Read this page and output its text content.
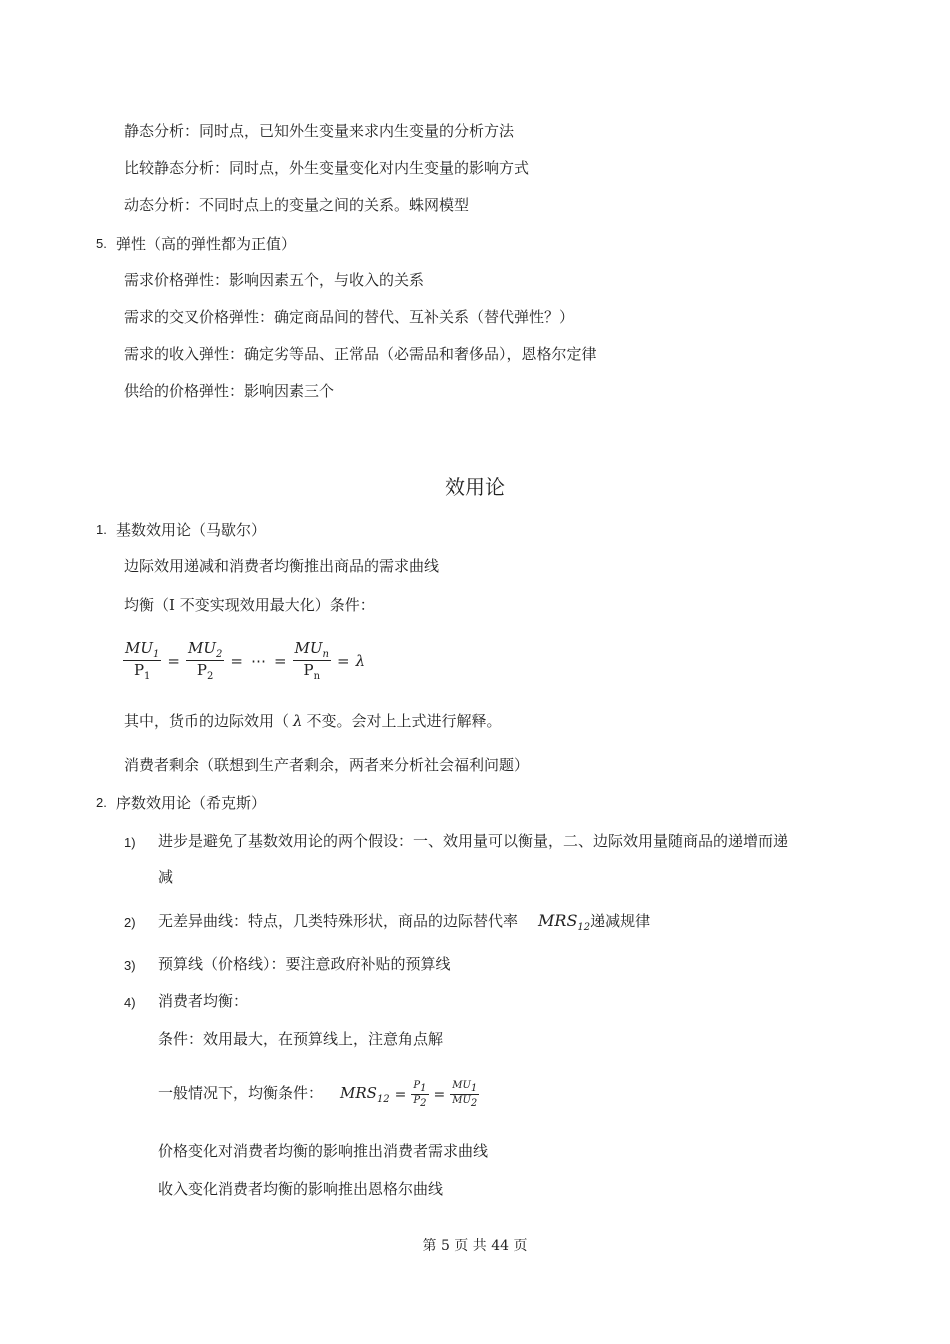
静态分析：同时点，已知外生变量来求内生变量的分析方法
比较静态分析：同时点，外生变量变化对内生变量的影响方式
动态分析：不同时点上的变量之间的关系。蛛网模型
5. 弹性（高的弹性都为正值）
需求价格弹性：影响因素五个，与收入的关系
需求的交叉价格弹性：确定商品间的替代、互补关系（替代弹性？）
需求的收入弹性：确定劣等品、正常品（必需品和奢侈品），恩格尔定律
供给的价格弹性：影响因素三个
效用论
1. 基数效用论（马歇尔）
边际效用递减和消费者均衡推出商品的需求曲线
均衡（I 不变实现效用最大化）条件：
$\frac{MU_1}{P_1} = \frac{MU_2}{P_2}$ = ⋯ = $\frac{MU_n}{P_n} = \lambda$
其中，货币的边际效用（ λ 不变。会对上上式进行解释。
消费者剩余（联想到生产者剩余，两者来分析社会福利问题）
2. 序数效用论（希克斯）
1) 进步是避免了基数效用论的两个假设：一、效用量可以衡量，二、边际效用量随商品的递增而递
减
2) 无差异曲线：特点，几类特殊形状，商品的边际替代率 $MRS_{12}$递减规律
3) 预算线（价格线）：要注意政府补贴的预算线
4) 消费者均衡：
条件：效用最大，在预算线上，注意角点解
一般情况下，均衡条件： $MRS_{12} = \frac{P_1}{P_2} = \frac{MU_1}{MU_2}$
价格变化对消费者均衡的影响推出消费者需求曲线
收入变化消费者均衡的影响推出恩格尔曲线
第 5 页 共 44 页
